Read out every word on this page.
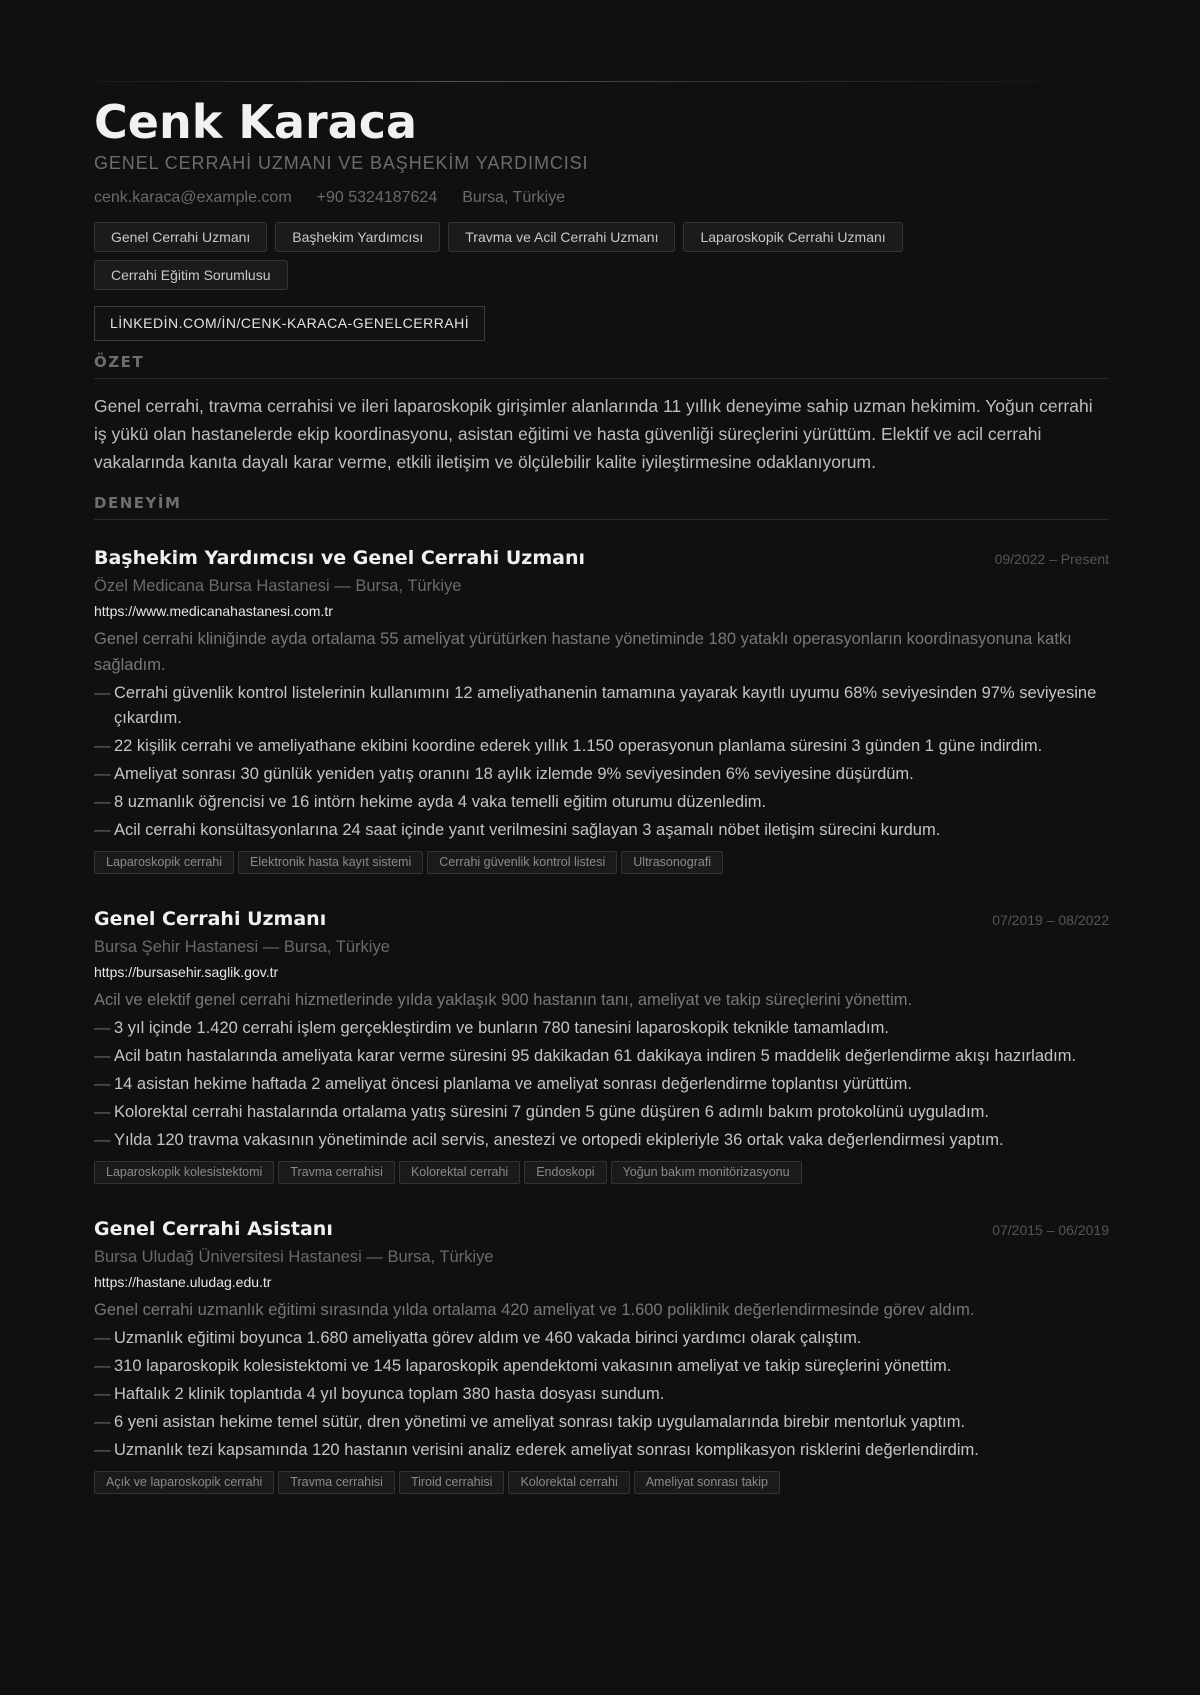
Cenk Karaca
GENEL CERRAHİ UZMANI VE BAŞHEKİM YARDIMCISI
cenk.karaca@example.com +90 5324187624 Bursa, Türkiye
Genel Cerrahi Uzmanı	Başhekim Yardımcısı	Travma ve Acil Cerrahi Uzmanı	Laparoskopik Cerrahi Uzmanı
Cerrahi Eğitim Sorumlusu
LİNKEDİN.COM/İN/CENK-KARACA-GENELCERRAHİ
ÖZET

Genel cerrahi, travma cerrahisi ve ileri laparoskopik girişimler alanlarında 11 yıllık deneyime sahip uzman hekimim. Yoğun cerrahi iş yükü olan hastanelerde ekip koordinasyonu, asistan eğitimi ve hasta güvenliği süreçlerini yürüttüm. Elektif ve acil cerrahi vakalarında kanıta dayalı karar verme, etkili iletişim ve ölçülebilir kalite iyileştirmesine odaklanıyorum.

DENEYİM
Başhekim Yardımcısı ve Genel Cerrahi Uzmanı	09/2022 – Present
Özel Medicana Bursa Hastanesi — Bursa, Türkiye
https://www.medicanahastanesi.com.tr

Genel cerrahi kliniğinde ayda ortalama 55 ameliyat yürütürken hastane yönetiminde 180 yataklı operasyonların koordinasyonuna katkı sağladım.

— Cerrahi güvenlik kontrol listelerinin kullanımını 12 ameliyathanenin tamamına yayarak kayıtlı uyumu 68% seviyesinden 97% seviyesine çıkardım.
— 22 kişilik cerrahi ve ameliyathane ekibini koordine ederek yıllık 1.150 operasyonun planlama süresini 3 günden 1 güne indirdim.
— Ameliyat sonrası 30 günlük yeniden yatış oranını 18 aylık izlemde 9% seviyesinden 6% seviyesine düşürdüm.
— 8 uzmanlık öğrencisi ve 16 intörn hekime ayda 4 vaka temelli eğitim oturumu düzenledim.
— Acil cerrahi konsültasyonlarına 24 saat içinde yanıt verilmesini sağlayan 3 aşamalı nöbet iletişim sürecini kurdum.
Laparoskopik cerrahi	Elektronik hasta kayıt sistemi	Cerrahi güvenlik kontrol listesi	Ultrasonografi
Genel Cerrahi Uzmanı	07/2019 – 08/2022
Bursa Şehir Hastanesi — Bursa, Türkiye
https://bursasehir.saglik.gov.tr

Acil ve elektif genel cerrahi hizmetlerinde yılda yaklaşık 900 hastanın tanı, ameliyat ve takip süreçlerini yönettim.

— 3 yıl içinde 1.420 cerrahi işlem gerçekleştirdim ve bunların 780 tanesini laparoskopik teknikle tamamladım.
— Acil batın hastalarında ameliyata karar verme süresini 95 dakikadan 61 dakikaya indiren 5 maddelik değerlendirme akışı hazırladım.
— 14 asistan hekime haftada 2 ameliyat öncesi planlama ve ameliyat sonrası değerlendirme toplantısı yürüttüm.
— Kolorektal cerrahi hastalarında ortalama yatış süresini 7 günden 5 güne düşüren 6 adımlı bakım protokolünü uyguladım.
— Yılda 120 travma vakasının yönetiminde acil servis, anestezi ve ortopedi ekipleriyle 36 ortak vaka değerlendirmesi yaptım.
Laparoskopik kolesistektomi	Travma cerrahisi	Kolorektal cerrahi	Endoskopi	Yoğun bakım monitörizasyonu
Genel Cerrahi Asistanı	07/2015 – 06/2019
Bursa Uludağ Üniversitesi Hastanesi — Bursa, Türkiye
https://hastane.uludag.edu.tr

Genel cerrahi uzmanlık eğitimi sırasında yılda ortalama 420 ameliyat ve 1.600 poliklinik değerlendirmesinde görev aldım.

— Uzmanlık eğitimi boyunca 1.680 ameliyatta görev aldım ve 460 vakada birinci yardımcı olarak çalıştım.
— 310 laparoskopik kolesistektomi ve 145 laparoskopik apendektomi vakasının ameliyat ve takip süreçlerini yönettim.
— Haftalık 2 klinik toplantıda 4 yıl boyunca toplam 380 hasta dosyası sundum.
— 6 yeni asistan hekime temel sütür, dren yönetimi ve ameliyat sonrası takip uygulamalarında birebir mentorluk yaptım.
— Uzmanlık tezi kapsamında 120 hastanın verisini analiz ederek ameliyat sonrası komplikasyon risklerini değerlendirdim.
Açık ve laparoskopik cerrahi	Travma cerrahisi	Tiroid cerrahisi	Kolorektal cerrahi	Ameliyat sonrası takip
